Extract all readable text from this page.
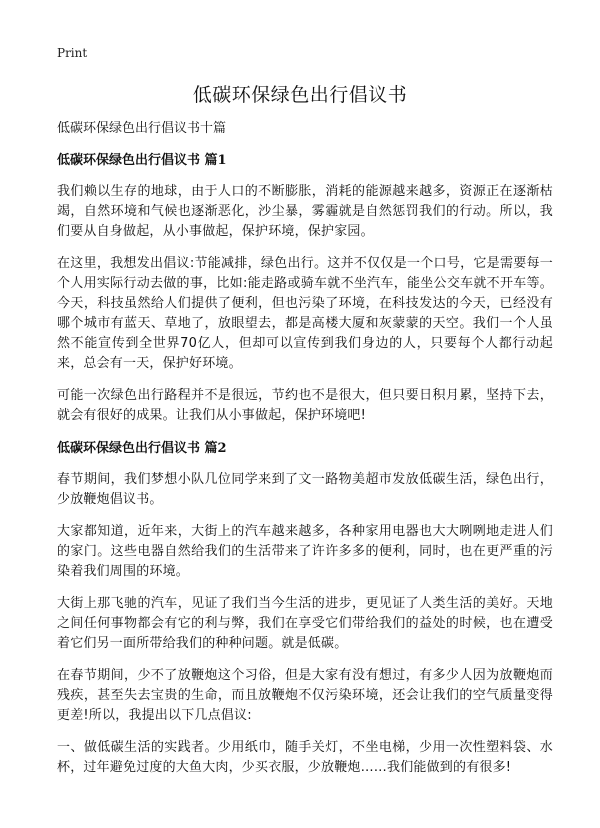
Print
低碳环保绿色出行倡议书

低碳环保绿色出行倡议书十篇

低碳环保绿色出行倡议书 篇1

我们赖以生存的地球，由于人口的不断膨胀，消耗的能源越来越多，资源正在逐渐枯竭，自然环境和气候也逐渐恶化，沙尘暴，雾霾就是自然惩罚我们的行动。所以，我们要从自身做起，从小事做起，保护环境，保护家园。

在这里，我想发出倡议:节能减排，绿色出行。这并不仅仅是一个口号，它是需要每一个人用实际行动去做的事，比如:能走路或骑车就不坐汽车，能坐公交车就不开车等。今天，科技虽然给人们提供了便利，但也污染了环境，在科技发达的今天，已经没有哪个城市有蓝天、草地了，放眼望去，都是高楼大厦和灰蒙蒙的天空。我们一个人虽然不能宣传到全世界70亿人，但却可以宣传到我们身边的人，只要每个人都行动起来，总会有一天，保护好环境。

可能一次绿色出行路程并不是很远，节约也不是很大，但只要日积月累，坚持下去，就会有很好的成果。让我们从小事做起，保护环境吧!

低碳环保绿色出行倡议书 篇2

春节期间，我们梦想小队几位同学来到了文一路物美超市发放低碳生活，绿色出行，少放鞭炮倡议书。

大家都知道，近年来，大街上的汽车越来越多，各种家用电器也大大咧咧地走进人们的家门。这些电器自然给我们的生活带来了许许多多的便利，同时，也在更严重的污染着我们周围的环境。

大街上那飞驰的汽车，见证了我们当今生活的进步，更见证了人类生活的美好。天地之间任何事物都会有它的利与弊，我们在享受它们带给我们的益处的时候，也在遭受着它们另一面所带给我们的种种问题。就是低碳。

在春节期间，少不了放鞭炮这个习俗，但是大家有没有想过，有多少人因为放鞭炮而残疾，甚至失去宝贵的生命，而且放鞭炮不仅污染环境，还会让我们的空气质量变得更差!所以，我提出以下几点倡议:

一、做低碳生活的实践者。少用纸巾，随手关灯，不坐电梯，少用一次性塑料袋、水杯，过年避免过度的大鱼大肉，少买衣服，少放鞭炮……我们能做到的有很多!
